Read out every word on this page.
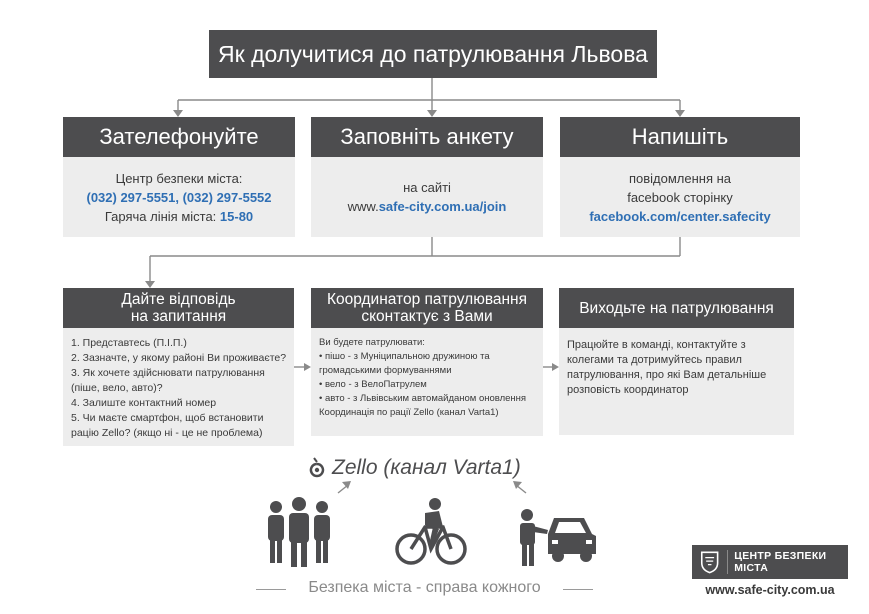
Як долучитися до патрулювання Львова
Зателефонуйте
Центр безпеки міста:
(032) 297-5551, (032) 297-5552
Гаряча лінія міста: 15-80
Заповніть анкету
на сайті
www.safe-city.com.ua/join
Напишіть
повідомлення на
facebook сторінку
facebook.com/center.safecity
Дайте відповідь
на запитання
1. Представтесь (П.І.П.)
2. Зазначте, у якому районі Ви проживаєте?
3. Як хочете здійснювати патрулювання
(піше, вело, авто)?
4. Залиште контактний номер
5. Чи маєте смартфон, щоб встановити
рацію Zello? (якщо ні - це не проблема)
Координатор патрулювання
сконтактує з Вами
Ви будете патрулювати:
• пішо - з Муніципальною дружиною та
громадськими формуваннями
• вело - з ВелоПатрулем
• авто - з Львівським автомайданом оновлення
Координація по рації Zello (канал Varta1)
Виходьте на патрулювання
Працюйте в команді, контактуйте з колегами та дотримуйтесь правил патрулювання, про які Вам детальніше розповість координатор
Zello (канал Varta1)
Безпека міста - справа кожного
ЦЕНТР БЕЗПЕКИ МІСТА
www.safe-city.com.ua
